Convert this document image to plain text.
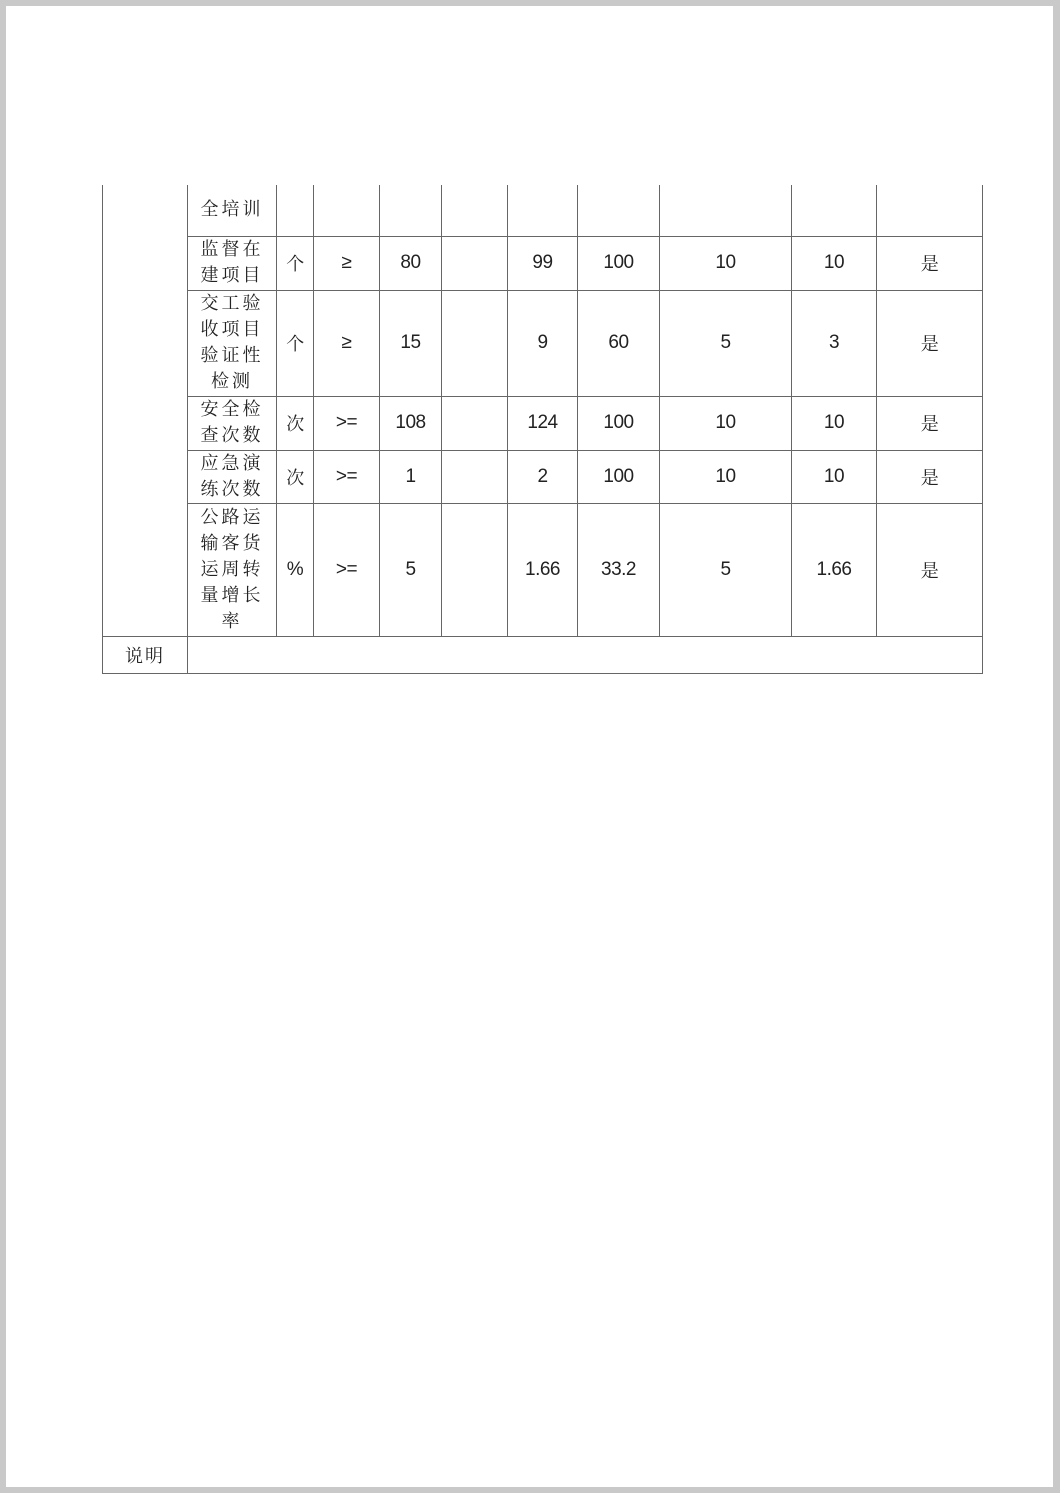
	全培训									
	监督在建项目	个	≥	80		99	100	10	10	是
	交工验收项目验证性检测	个	≥	15		9	60	5	3	是
	安全检查次数	次	>=	108		124	100	10	10	是
	应急演练次数	次	>=	1		2	100	10	10	是
	公路运输客货运周转量增长率	%	>=	5		1.66	33.2	5	1.66	是
说明										
